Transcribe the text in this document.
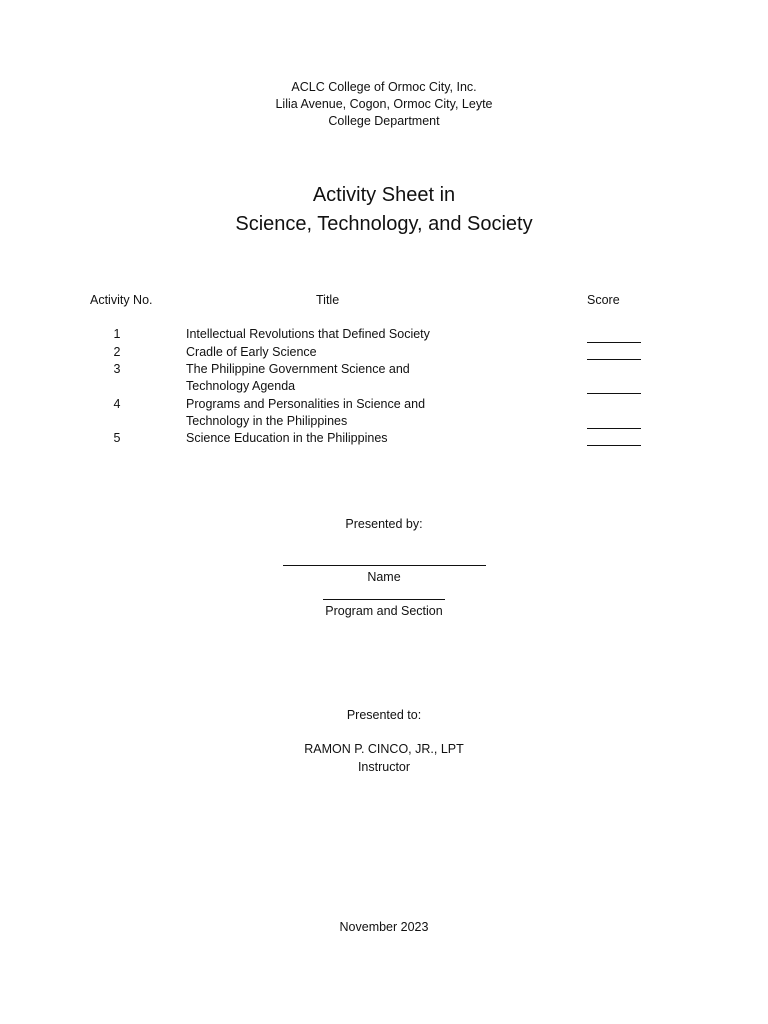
ACLC College of Ormoc City, Inc.
Lilia Avenue, Cogon, Ormoc City, Leyte
College Department
Activity Sheet in
Science, Technology, and Society
Activity No.	Title	Score
1	Intellectual Revolutions that Defined Society
2	Cradle of Early Science
3	The Philippine Government Science and
Technology Agenda
4	Programs and Personalities in Science and
Technology in the Philippines
5	Science Education in the Philippines
Presented by:
Name
Program and Section
Presented to:
RAMON P. CINCO, JR., LPT
Instructor
November 2023
